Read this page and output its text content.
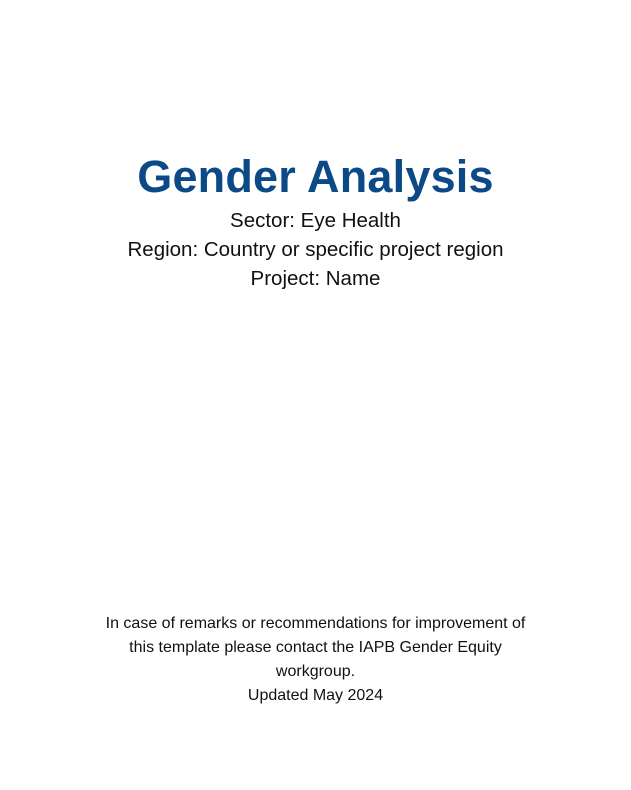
Gender Analysis

Sector: Eye Health

Region: Country or specific project region

Project: Name

In case of remarks or recommendations for improvement of

this template please contact the IAPB Gender Equity

workgroup.

Updated May 2024
